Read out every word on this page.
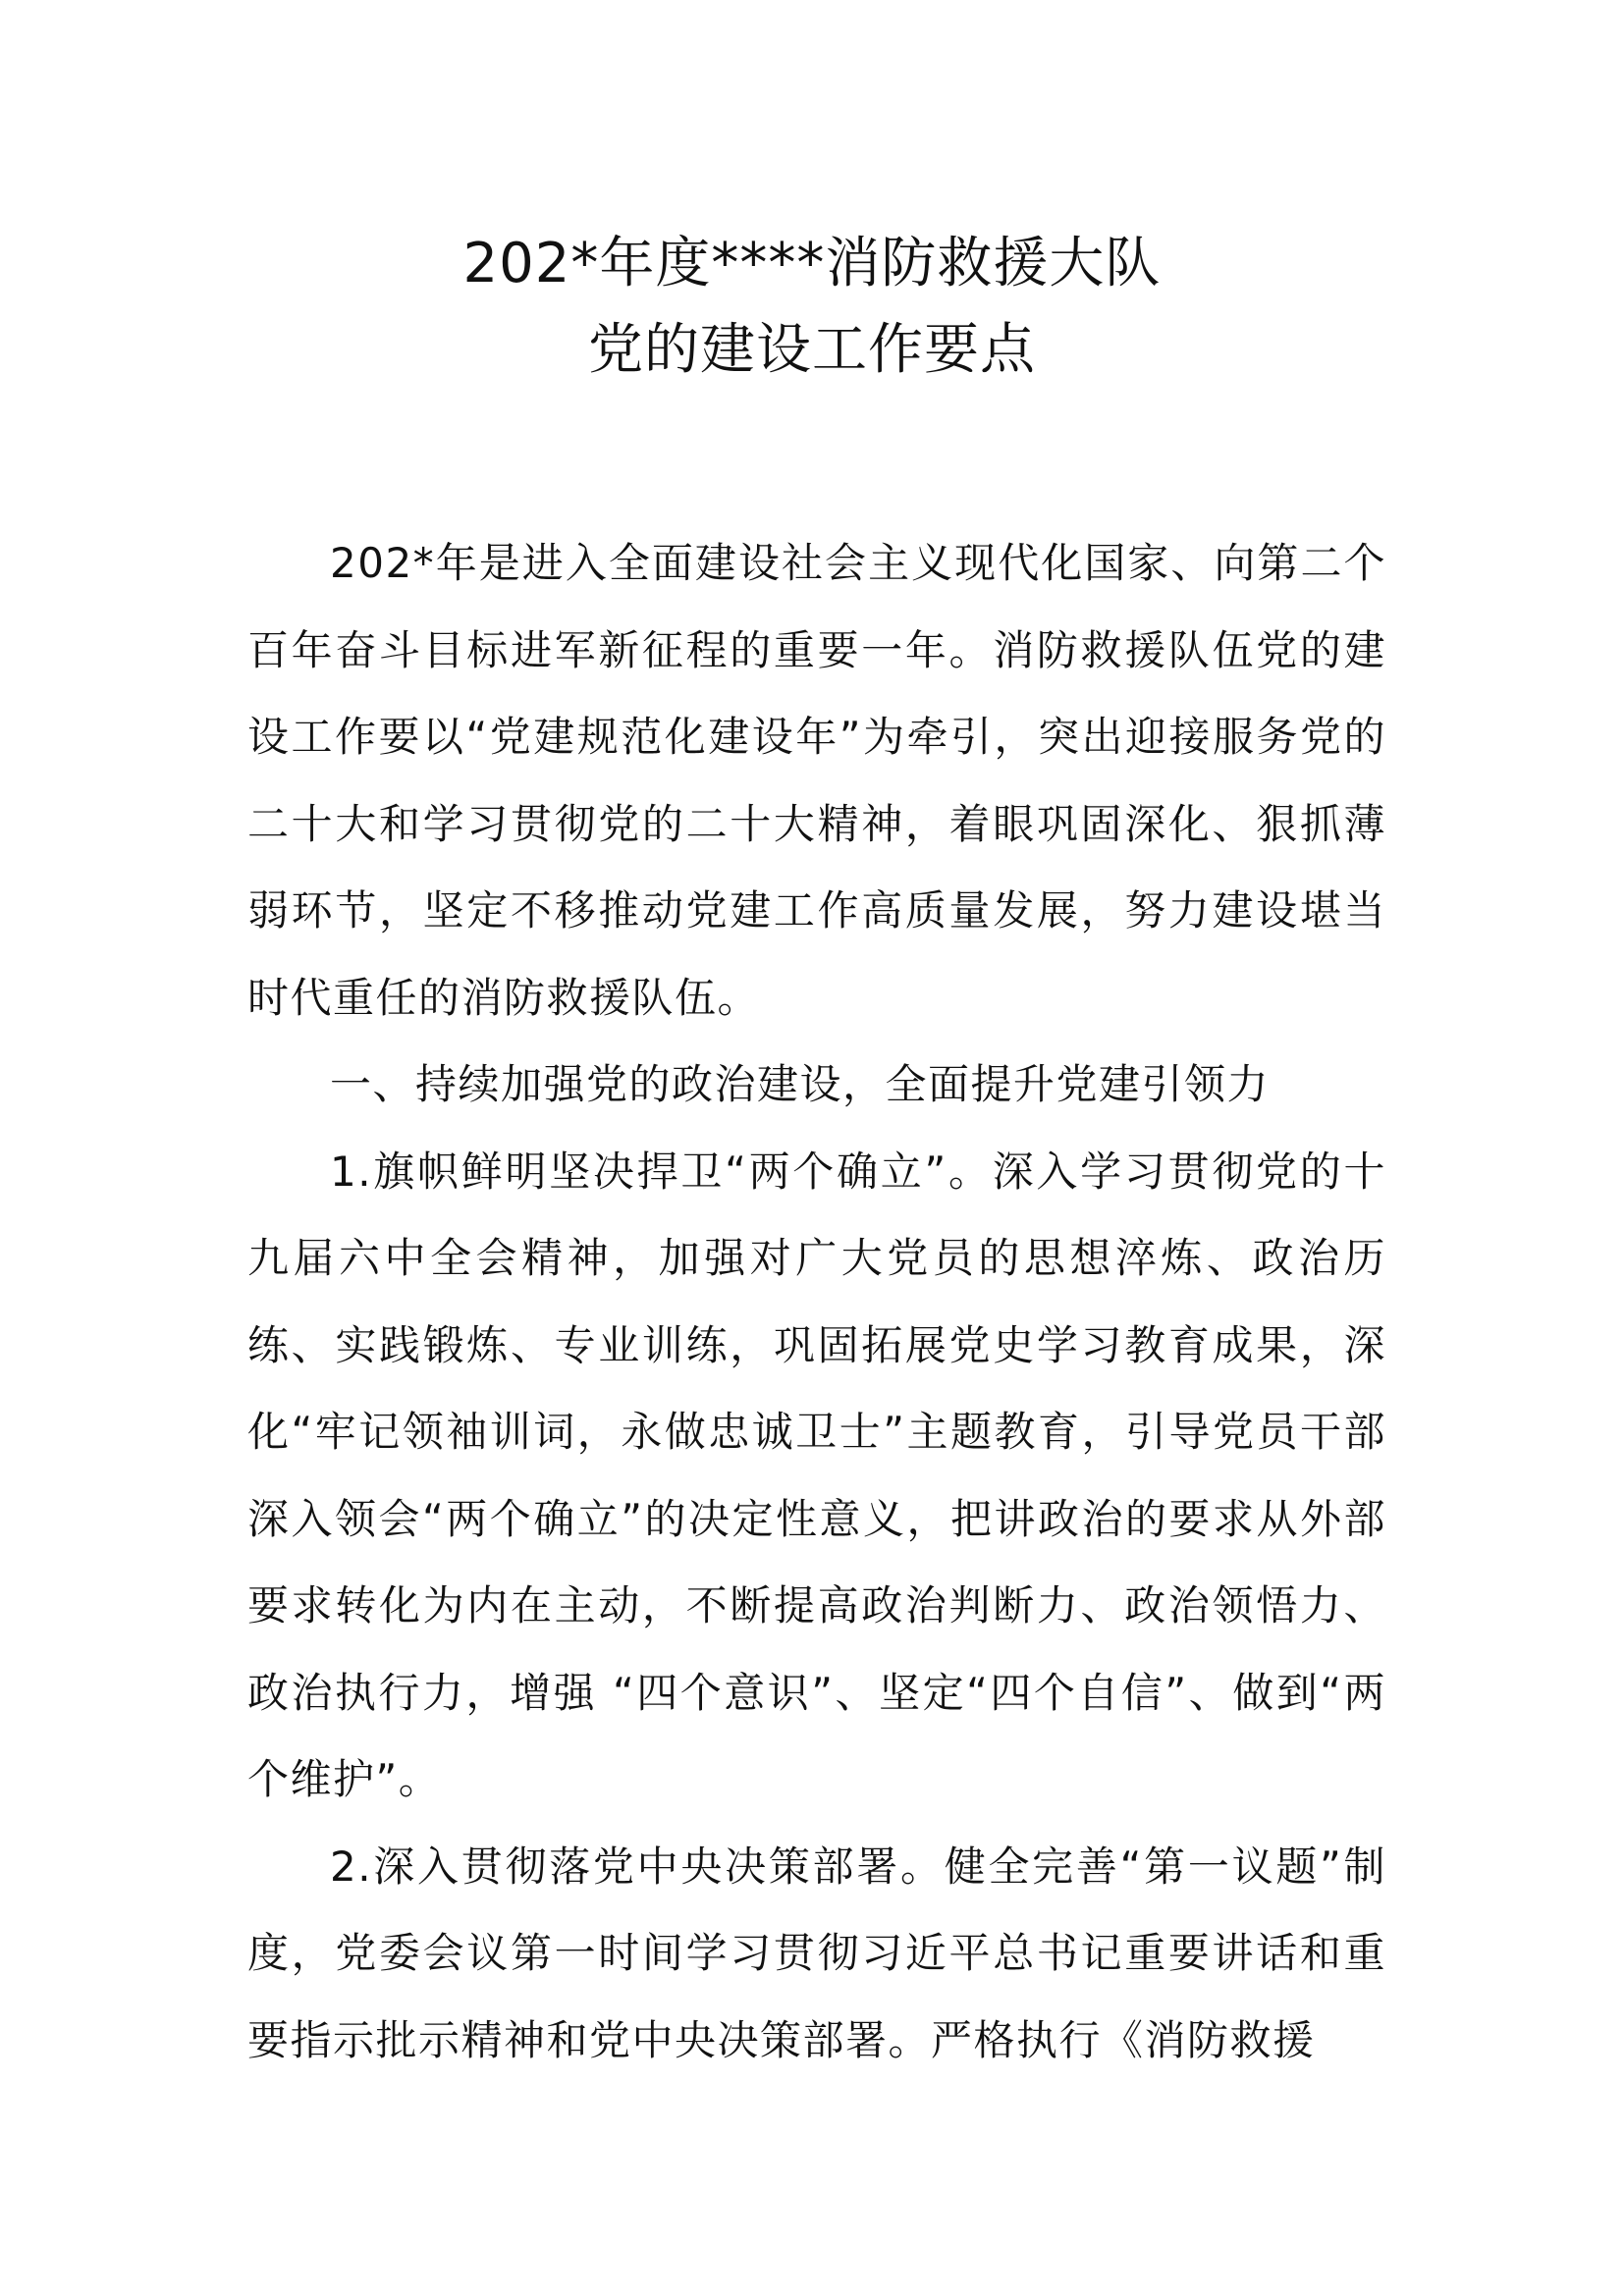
202*年度****消防救援大队
党的建设工作要点

202*年是进入全面建设社会主义现代化国家、向第二个百年奋斗目标进军新征程的重要一年。消防救援队伍党的建设工作要以“党建规范化建设年”为牵引，突出迎接服务党的二十大和学习贯彻党的二十大精神，着眼巩固深化、狠抓薄弱环节，坚定不移推动党建工作高质量发展，努力建设堪当时代重任的消防救援队伍。

一、持续加强党的政治建设，全面提升党建引领力

1.旗帜鲜明坚决捍卫“两个确立”。深入学习贯彻党的十九届六中全会精神，加强对广大党员的思想淬炼、政治历练、实践锻炼、专业训练，巩固拓展党史学习教育成果，深化“牢记领袖训词，永做忠诚卫士”主题教育，引导党员干部深入领会“两个确立”的决定性意义，把讲政治的要求从外部要求转化为内在主动，不断提高政治判断力、政治领悟力、政治执行力，增强 “四个意识”、坚定“四个自信”、做到“两个维护”。

2.深入贯彻落党中央决策部署。健全完善“第一议题”制度，党委会议第一时间学习贯彻习近平总书记重要讲话和重要指示批示精神和党中央决策部署。严格执行《消防救援
